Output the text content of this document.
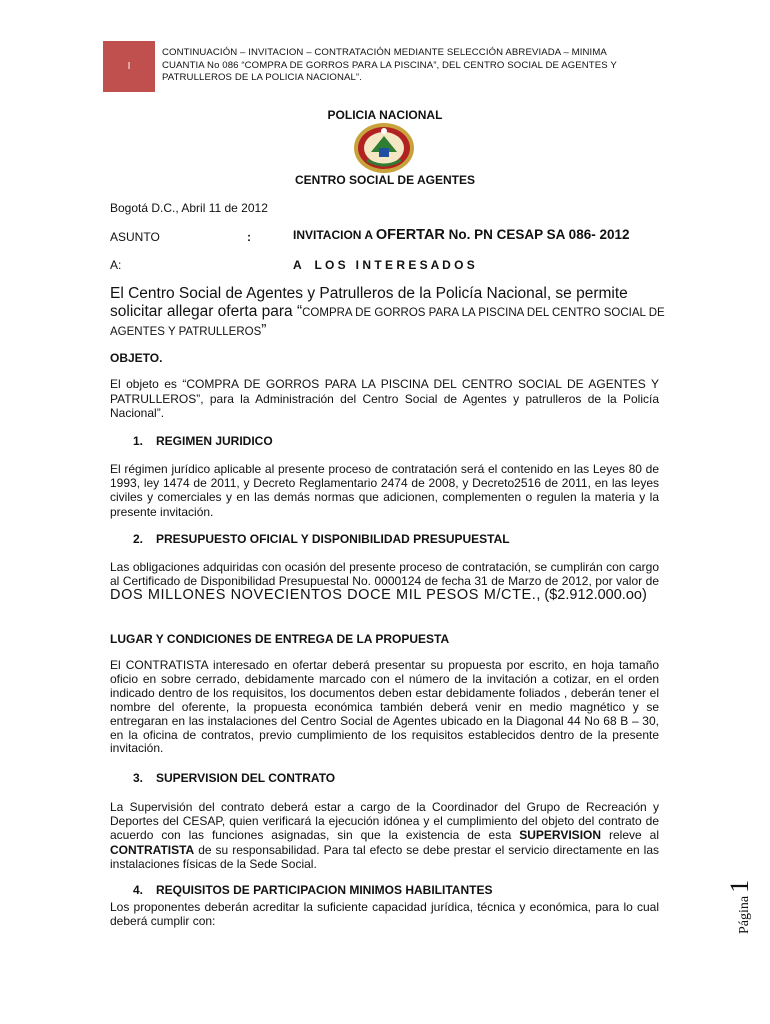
I
CONTINUACIÓN – INVITACION – CONTRATACIÓN MEDIANTE SELECCIÓN ABREVIADA – MINIMA
CUANTIA No 086 “COMPRA DE GORROS PARA LA PISCINA”, DEL CENTRO SOCIAL DE AGENTES Y
PATRULLEROS DE LA POLICIA NACIONAL”.
POLICIA NACIONAL
CENTRO SOCIAL DE AGENTES
Bogotá D.C., Abril 11 de 2012
ASUNTO	:	INVITACION A OFERTAR No. PN CESAP SA 086- 2012
A:	A    L O S   I N T E R E S A D O S
El Centro Social de Agentes y Patrulleros de la Policía Nacional, se permite solicitar allegar oferta para “COMPRA DE GORROS PARA LA PISCINA DEL CENTRO SOCIAL DE AGENTES Y PATRULLEROS”
OBJETO.
El objeto es “COMPRA DE GORROS PARA LA PISCINA DEL CENTRO SOCIAL DE AGENTES Y PATRULLEROS”, para la Administración del Centro Social de Agentes y patrulleros de la Policía Nacional”.
1. REGIMEN JURIDICO
El régimen jurídico aplicable al presente proceso de contratación será el contenido en las Leyes 80 de 1993, ley 1474 de 2011, y Decreto Reglamentario 2474 de 2008, y Decreto2516 de 2011, en las leyes civiles y comerciales y en las demás normas que adicionen, complementen o regulen la materia y la presente invitación.
2. PRESUPUESTO OFICIAL Y DISPONIBILIDAD PRESUPUESTAL
Las obligaciones adquiridas con ocasión del presente proceso de contratación, se cumplirán con cargo al Certificado de Disponibilidad Presupuestal No. 0000124 de fecha 31 de Marzo de 2012, por valor de DOS MILLONES NOVECIENTOS DOCE MIL PESOS M/CTE., ($2.912.000.oo)
LUGAR Y CONDICIONES DE ENTREGA DE LA PROPUESTA
El CONTRATISTA interesado en ofertar deberá presentar su propuesta por escrito, en hoja tamaño oficio en sobre cerrado, debidamente marcado con el número de la invitación a cotizar, en el orden indicado dentro de los requisitos, los documentos deben estar debidamente foliados , deberán tener el nombre del oferente, la propuesta económica también deberá venir en medio magnético y se entregaran en las instalaciones del Centro Social de Agentes ubicado en la Diagonal 44 No 68 B – 30, en la oficina de contratos, previo cumplimiento de los requisitos establecidos dentro de la presente invitación.
3. SUPERVISION DEL CONTRATO
La Supervisión del contrato deberá estar a cargo de la Coordinador del Grupo de Recreación y Deportes del CESAP, quien verificará la ejecución idónea y el cumplimiento del objeto del contrato de acuerdo con las funciones asignadas, sin que la existencia de esta SUPERVISION releve al CONTRATISTA de su responsabilidad. Para tal efecto se debe prestar el servicio directamente en las instalaciones físicas de la Sede Social.
4. REQUISITOS DE PARTICIPACION MINIMOS HABILITANTES
Los proponentes deberán acreditar la suficiente capacidad jurídica, técnica y económica, para lo cual deberá cumplir con:	Página1
